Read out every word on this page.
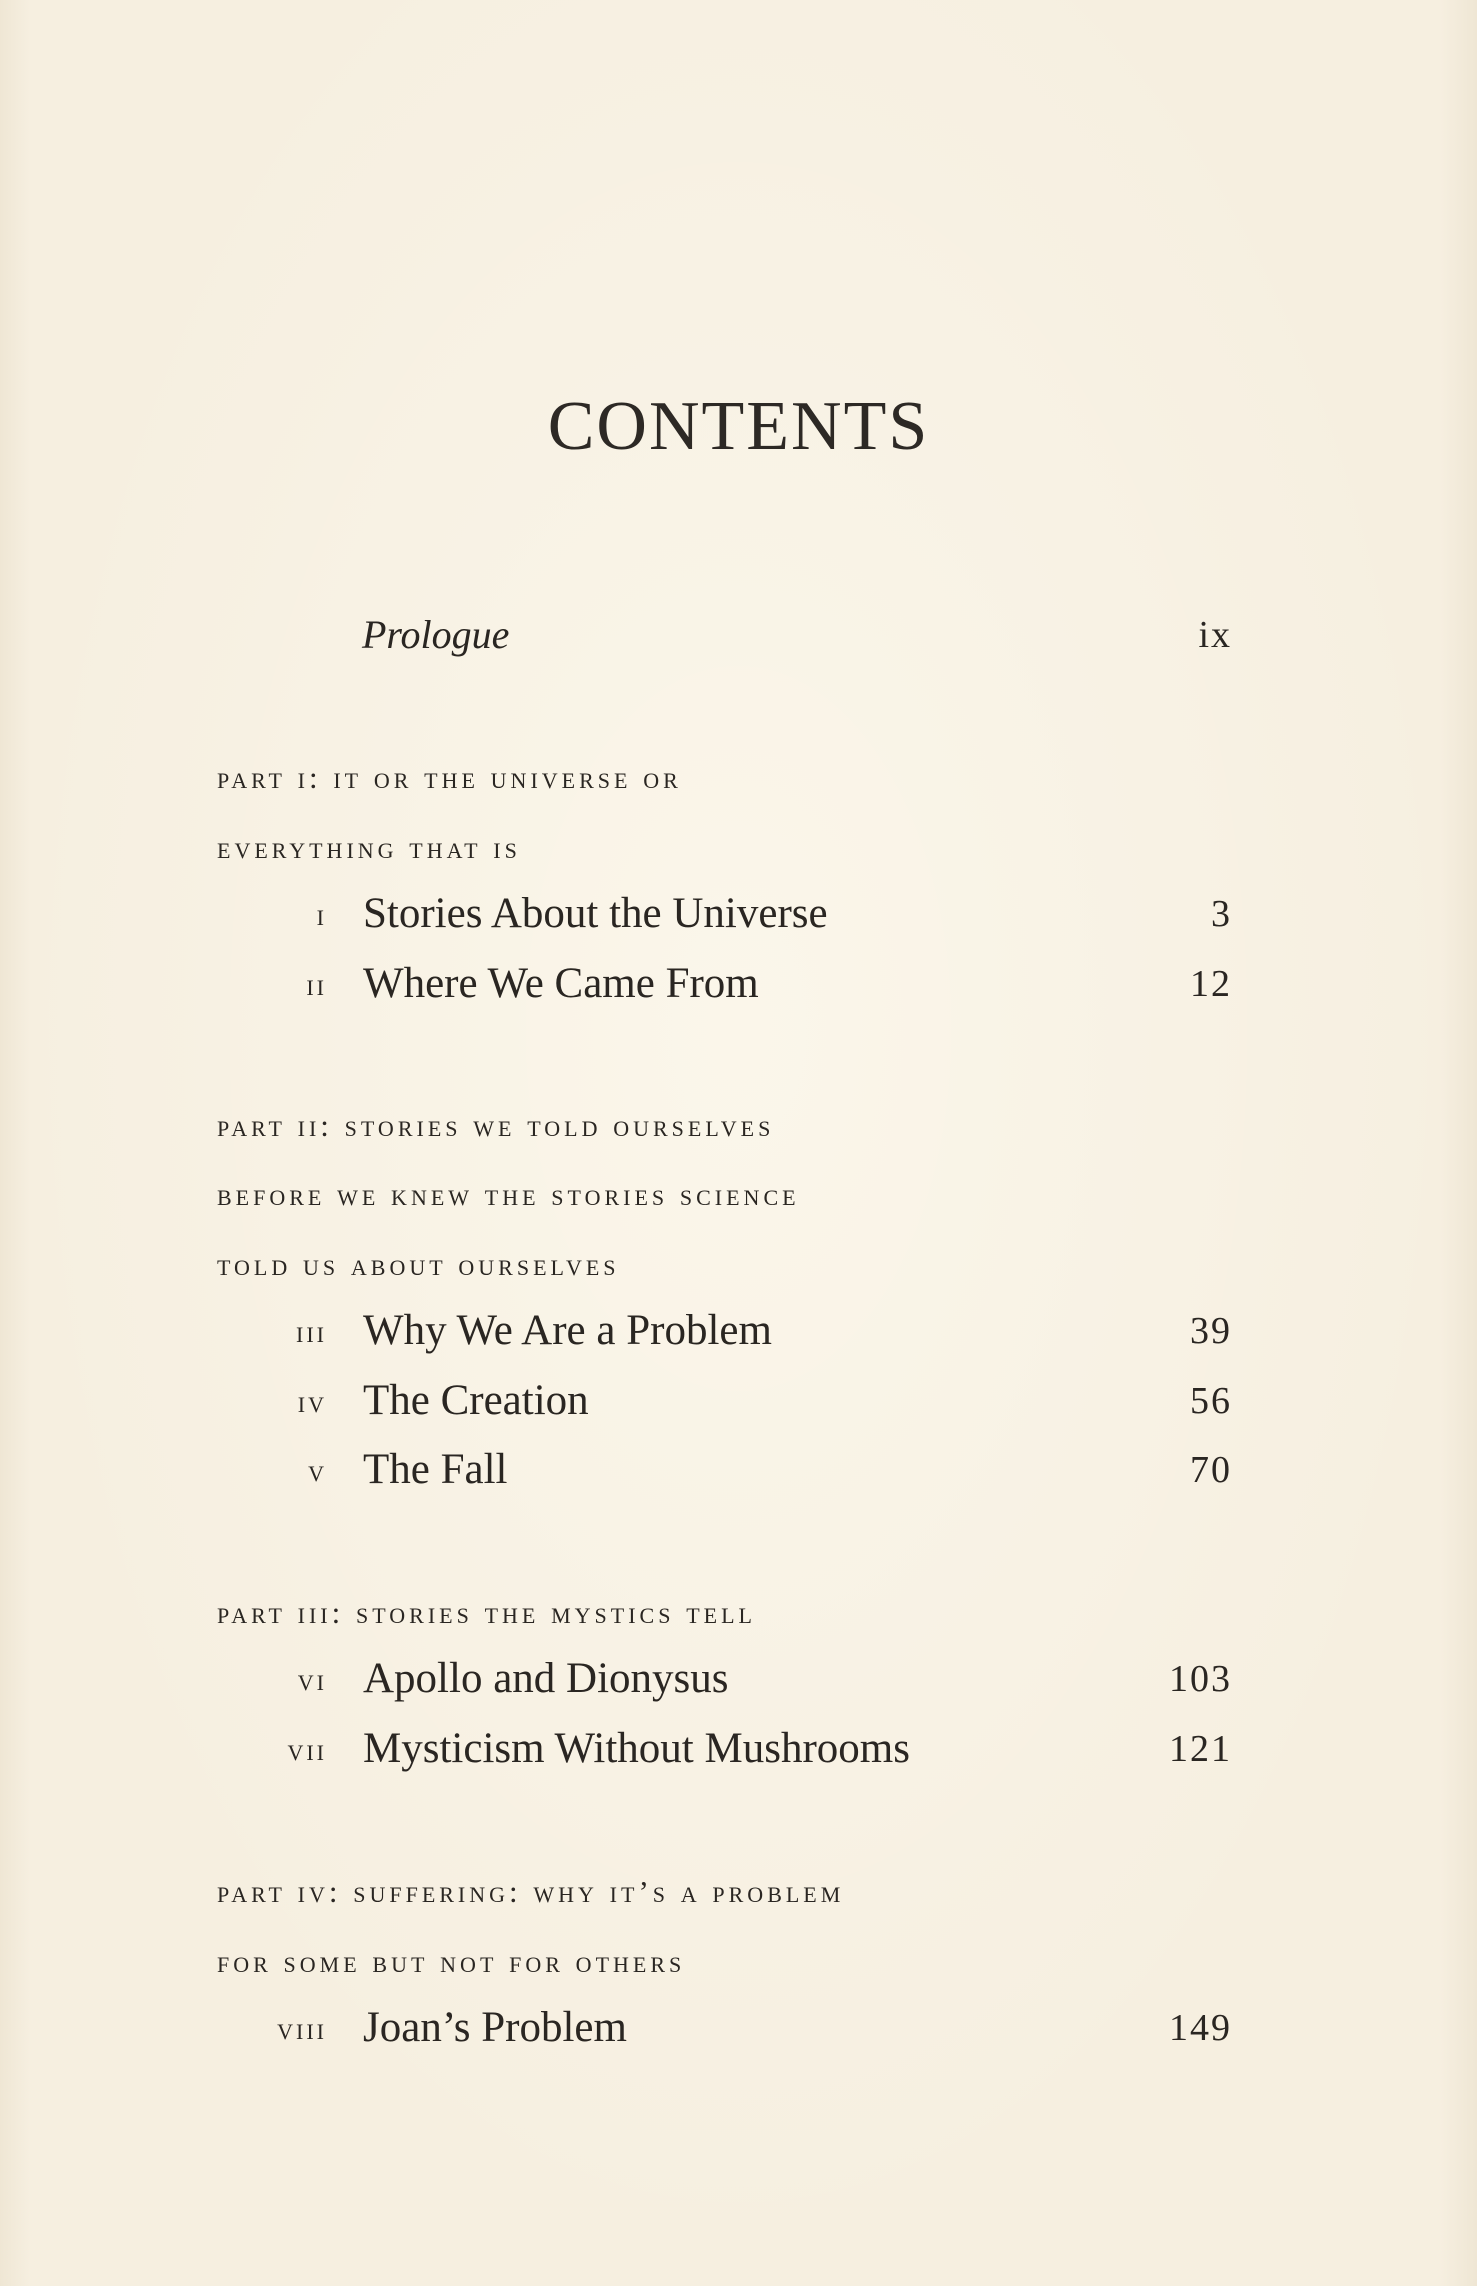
CONTENTS
Prologue	ix
part i: it or the universe or
everything that is
i Stories About the Universe	3
ii Where We Came From	12
part ii: stories we told ourselves
before we knew the stories science
told us about ourselves
iii Why We Are a Problem	39
iv The Creation	56
v The Fall	70
part iii: stories the mystics tell
vi Apollo and Dionysus	103
vii Mysticism Without Mushrooms	121
part iv: suffering: why it’s a problem
for some but not for others
viii Joan’s Problem	149
